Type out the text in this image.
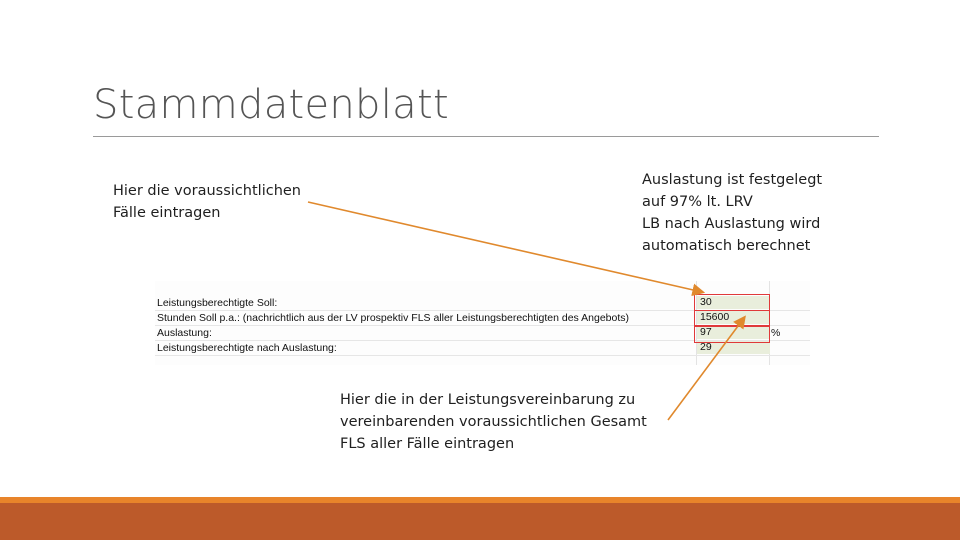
Stammdatenblatt
Hier die voraussichtlichen
Fälle eintragen
Auslastung ist festgelegt
auf 97% lt. LRV
LB nach Auslastung wird
automatisch berechnet
Hier die in der Leistungsvereinbarung zu
vereinbarenden voraussichtlichen Gesamt
FLS aller Fälle eintragen
Leistungsberechtigte Soll:	30
Stunden Soll p.a.: (nachrichtlich aus der LV prospektiv FLS aller Leistungsberechtigten des Angebots)	15600
Auslastung:	97	%
Leistungsberechtigte nach Auslastung:	29
